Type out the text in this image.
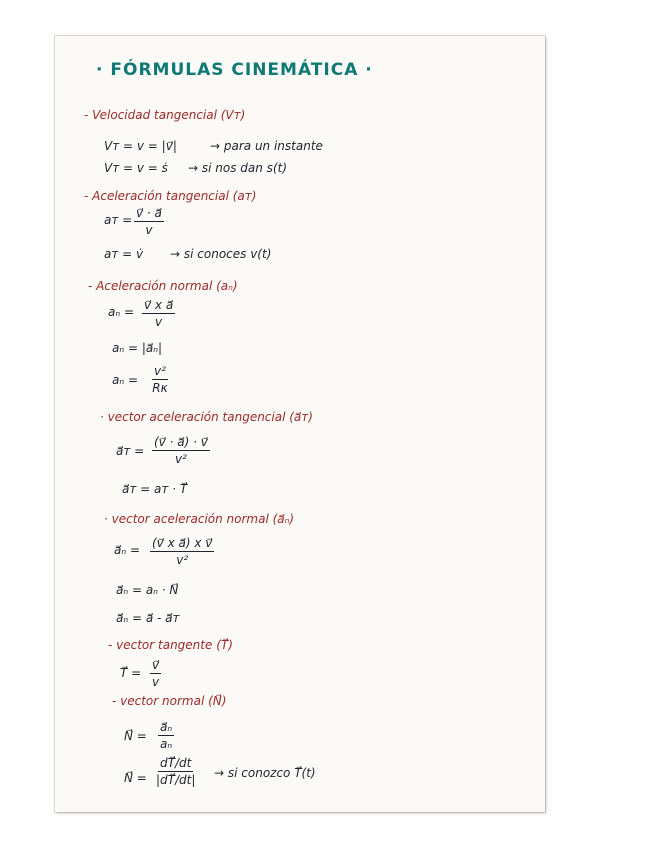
⠀
· FÓRMULAS CINEMÁTICA ·
- Velocidad tangencial (Vт)
Vт = v = |v⃗|	→ para un instante
Vт = v = ṡ → si nos dan s(t)
- Aceleración tangencial (aт)
aт = $\frac{v⃗ \cdot a⃗}{v}$
aт = v̇ → si conoces v(t)
- Aceleración normal (aₙ)
$a_n = \frac{\text{v⃗ x a⃗}}{v}$
aₙ = |a⃗ₙ|
$a_n = \frac{\text{v²}}{R\kappa}$
· vector aceleración tangencial (a⃗т)
a⃗т = $\frac{(v⃗ \cdot a⃗) \cdot v⃗}{\text{v²}}$
a⃗т = aт · T⃗
· vector aceleración normal (a⃗ₙ)
a⃗ₙ = $\frac{\text{(v⃗ x a⃗) x v⃗}}{\text{v²}}$
a⃗ₙ = aₙ · N⃗
a⃗ₙ = a⃗ - a⃗т
- vector tangente (T⃗)
T⃗ = $\frac{v⃗}{v}$
- vector normal (N⃗)
N⃗ = $\frac{\text{a⃗ₙ}}{\text{aₙ}}$
N⃗ = $\frac{dT⃗/dt}{|dT⃗/dt|}$ → si conozco T⃗(t)
